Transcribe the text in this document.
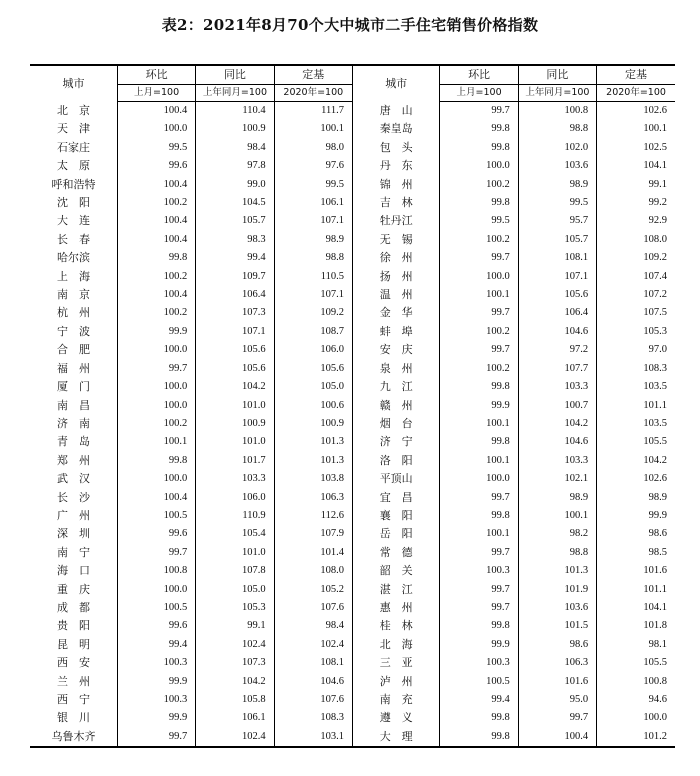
表2：2021年8月70个大中城市二手住宅销售价格指数
城市	环比	同比	定基	城市	环比	同比	定基
	上月=100	上年同月=100	2020年=100		上月=100	上年同月=100	2020年=100
北　京	100.4	110.4	111.7	唐　山	99.7	100.8	102.6
天　津	100.0	100.9	100.1	秦皇岛	99.8	98.8	100.1
石家庄	99.5	98.4	98.0	包　头	99.8	102.0	102.5
太　原	99.6	97.8	97.6	丹　东	100.0	103.6	104.1
呼和浩特	100.4	99.0	99.5	锦　州	100.2	98.9	99.1
沈　阳	100.2	104.5	106.1	吉　林	99.8	99.5	99.2
大　连	100.4	105.7	107.1	牡丹江	99.5	95.7	92.9
长　春	100.4	98.3	98.9	无　锡	100.2	105.7	108.0
哈尔滨	99.8	99.4	98.8	徐　州	99.7	108.1	109.2
上　海	100.2	109.7	110.5	扬　州	100.0	107.1	107.4
南　京	100.4	106.4	107.1	温　州	100.1	105.6	107.2
杭　州	100.2	107.3	109.2	金　华	99.7	106.4	107.5
宁　波	99.9	107.1	108.7	蚌　埠	100.2	104.6	105.3
合　肥	100.0	105.6	106.0	安　庆	99.7	97.2	97.0
福　州	99.7	105.6	105.6	泉　州	100.2	107.7	108.3
厦　门	100.0	104.2	105.0	九　江	99.8	103.3	103.5
南　昌	100.0	101.0	100.6	赣　州	99.9	100.7	101.1
济　南	100.2	100.9	100.9	烟　台	100.1	104.2	103.5
青　岛	100.1	101.0	101.3	济　宁	99.8	104.6	105.5
郑　州	99.8	101.7	101.3	洛　阳	100.1	103.3	104.2
武　汉	100.0	103.3	103.8	平顶山	100.0	102.1	102.6
长　沙	100.4	106.0	106.3	宜　昌	99.7	98.9	98.9
广　州	100.5	110.9	112.6	襄　阳	99.8	100.1	99.9
深　圳	99.6	105.4	107.9	岳　阳	100.1	98.2	98.6
南　宁	99.7	101.0	101.4	常　德	99.7	98.8	98.5
海　口	100.8	107.8	108.0	韶　关	100.3	101.3	101.6
重　庆	100.0	105.0	105.2	湛　江	99.7	101.9	101.1
成　都	100.5	105.3	107.6	惠　州	99.7	103.6	104.1
贵　阳	99.6	99.1	98.4	桂　林	99.8	101.5	101.8
昆　明	99.4	102.4	102.4	北　海	99.9	98.6	98.1
西　安	100.3	107.3	108.1	三　亚	100.3	106.3	105.5
兰　州	99.9	104.2	104.6	泸　州	100.5	101.6	100.8
西　宁	100.3	105.8	107.6	南　充	99.4	95.0	94.6
银　川	99.9	106.1	108.3	遵　义	99.8	99.7	100.0
乌鲁木齐	99.7	102.4	103.1	大　理	99.8	100.4	101.2
